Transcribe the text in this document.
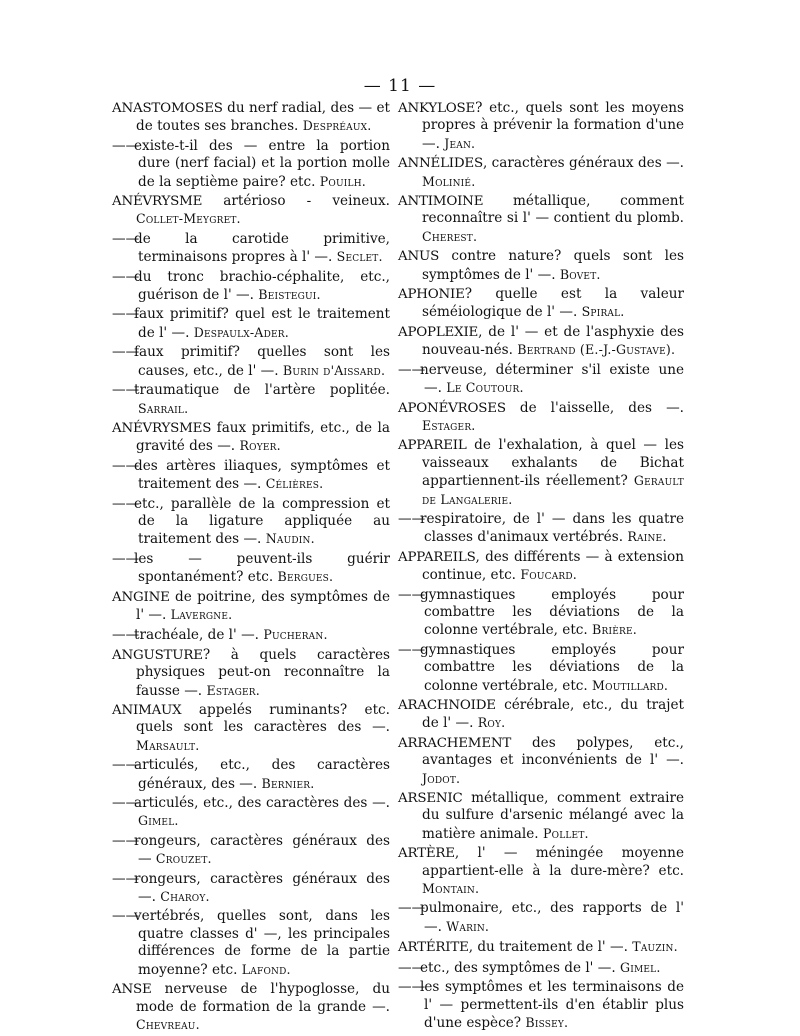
— 11 —
ANASTOMOSES du nerf radial, des — et de toutes ses branches. Despréaux.
——existe-t-il des — entre la portion dure (nerf facial) et la portion molle de la septième paire? etc. Pouilh.
ANÉVRYSME artérioso - veineux. Collet-Meygret.
——de la carotide primitive, terminaisons propres à l' —. Seclet.
——du tronc brachio-céphalite, etc., guérison de l' —. Beistegui.
——faux primitif? quel est le traitement de l' —. Despaulx-Ader.
——faux primitif? quelles sont les causes, etc., de l' —. Burin d'Aissard.
——traumatique de l'artère poplitée. Sarrail.
ANÉVRYSMES faux primitifs, etc., de la gravité des —. Royer.
——des artères iliaques, symptômes et traitement des —. Célières.
——etc., parallèle de la compression et de la ligature appliquée au traitement des —. Naudin.
——les — peuvent-ils guérir spontanément? etc. Bergues.
ANGINE de poitrine, des symptômes de l' —. Lavergne.
——trachéale, de l' —. Pucheran.
ANGUSTURE? à quels caractères physiques peut-on reconnaître la fausse —. Estager.
ANIMAUX appelés ruminants? etc. quels sont les caractères des —. Marsault.
——articulés, etc., des caractères généraux, des —. Bernier.
——articulés, etc., des caractères des —. Gimel.
——rongeurs, caractères généraux des — Crouzet.
——rongeurs, caractères généraux des —. Charoy.
——vertébrés, quelles sont, dans les quatre classes d' —, les principales différences de forme de la partie moyenne? etc. Lafond.
ANSE nerveuse de l'hypoglosse, du mode de formation de la grande —. Chevreau.
ANKYLOSE? etc., quels sont les moyens propres à prévenir la formation d'une —. Jean.
ANNÉLIDES, caractères généraux des —. Molinié.
ANTIMOINE métallique, comment reconnaître si l' — contient du plomb. Cherest.
ANUS contre nature? quels sont les symptômes de l' —. Bovet.
APHONIE? quelle est la valeur séméiologique de l' —. Spiral.
APOPLEXIE, de l' — et de l'asphyxie des nouveau-nés. Bertrand (E.-J.-Gustave).
——nerveuse, déterminer s'il existe une —. Le Coutour.
APONÉVROSES de l'aisselle, des —. Estager.
APPAREIL de l'exhalation, à quel — les vaisseaux exhalants de Bichat appartiennent-ils réellement? Gerault de Langalerie.
——respiratoire, de l' — dans les quatre classes d'animaux vertébrés. Raine.
APPAREILS, des différents — à extension continue, etc. Foucard.
——gymnastiques employés pour combattre les déviations de la colonne vertébrale, etc. Brière.
——gymnastiques employés pour combattre les déviations de la colonne vertébrale, etc. Moutillard.
ARACHNOIDE cérébrale, etc., du trajet de l' —. Roy.
ARRACHEMENT des polypes, etc., avantages et inconvénients de l' —. Jodot.
ARSENIC métallique, comment extraire du sulfure d'arsenic mélangé avec la matière animale. Pollet.
ARTÈRE, l' — méningée moyenne appartient-elle à la dure-mère? etc. Montain.
——pulmonaire, etc., des rapports de l' —. Warin.
ARTÉRITE, du traitement de l' —. Tauzin.
——etc., des symptômes de l' —. Gimel.
——les symptômes et les terminaisons de l' — permettent-ils d'en établir plus d'une espèce? Bissey.
